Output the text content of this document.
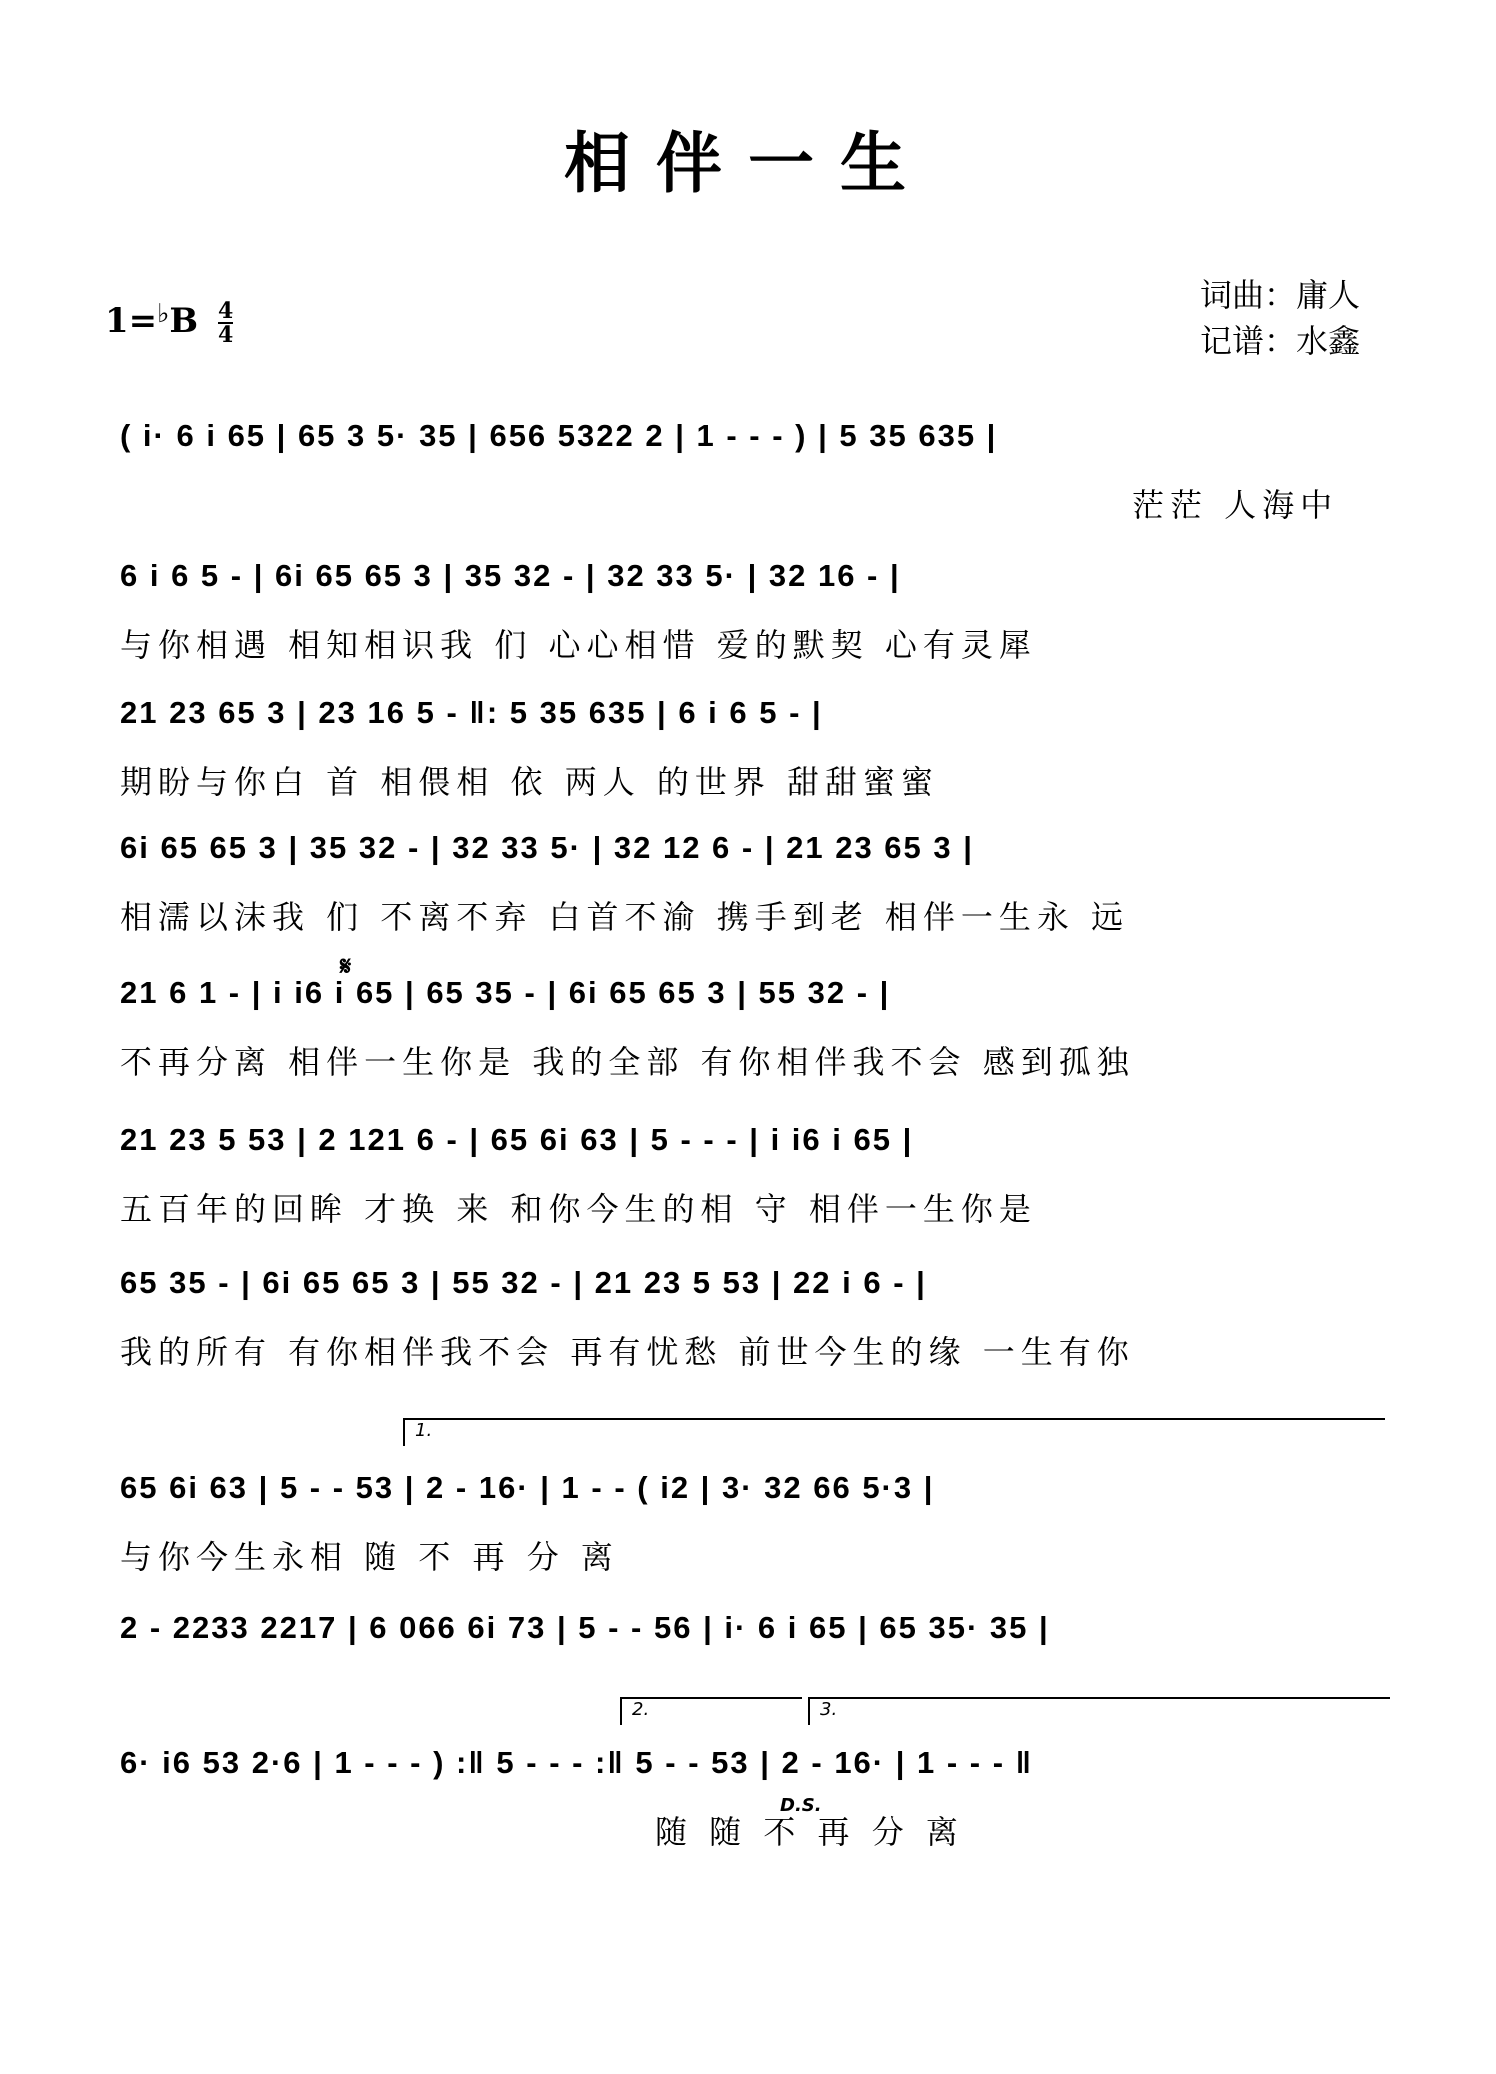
相伴一生
$1=^♭B \frac{4}{4}$
词曲：庸人
记谱：水鑫
( i· 6 i 65 | 65 3 5· 35 | 656 5322 2 | 1 - - - ) | 5 35 635 |
茫茫 人海中
6 i 6 5 - | 6i 65 65 3 | 35 32 - | 32 33 5· | 32 16 - |
与你相遇 相知相识我 们 心心相惜 爱的默契 心有灵犀
21 23 65 3 | 23 16 5 - ‖: 5 35 635 | 6 i 6 5 - |
期盼与你白 首 相偎相 依 两人 的世界 甜甜蜜蜜
6i 65 65 3 | 35 32 - | 32 33 5· | 32 12 6 - | 21 23 65 3 |
相濡以沫我 们 不离不弃 白首不渝 携手到老 相伴一生永 远
𝄋
21 6 1 - | i i6 i 65 | 65 35 - | 6i 65 65 3 | 55 32 - |
不再分离 相伴一生你是 我的全部 有你相伴我不会 感到孤独
21 23 5 53 | 2 121 6 - | 65 6i 63 | 5 - - - | i i6 i 65 |
五百年的回眸 才换 来 和你今生的相 守 相伴一生你是
65 35 - | 6i 65 65 3 | 55 32 - | 21 23 5 53 | 22 i 6 - |
我的所有 有你相伴我不会 再有忧愁 前世今生的缘 一生有你
1.
65 6i 63 | 5 - - 53 | 2 - 16· | 1 - - ( i2 | 3· 32 66 5·3 |
与你今生永相 随 不 再 分 离
2 - 2233 2217 | 6 066 6i 73 | 5 - - 56 | i· 6 i 65 | 65 35· 35 |
2.	3.
6· i6 53 2·6 | 1 - - - ) :‖ 5 - - - :‖ 5 - - 53 | 2 - 16· | 1 - - - ‖
随 随 不 再 分 离
D.S.
